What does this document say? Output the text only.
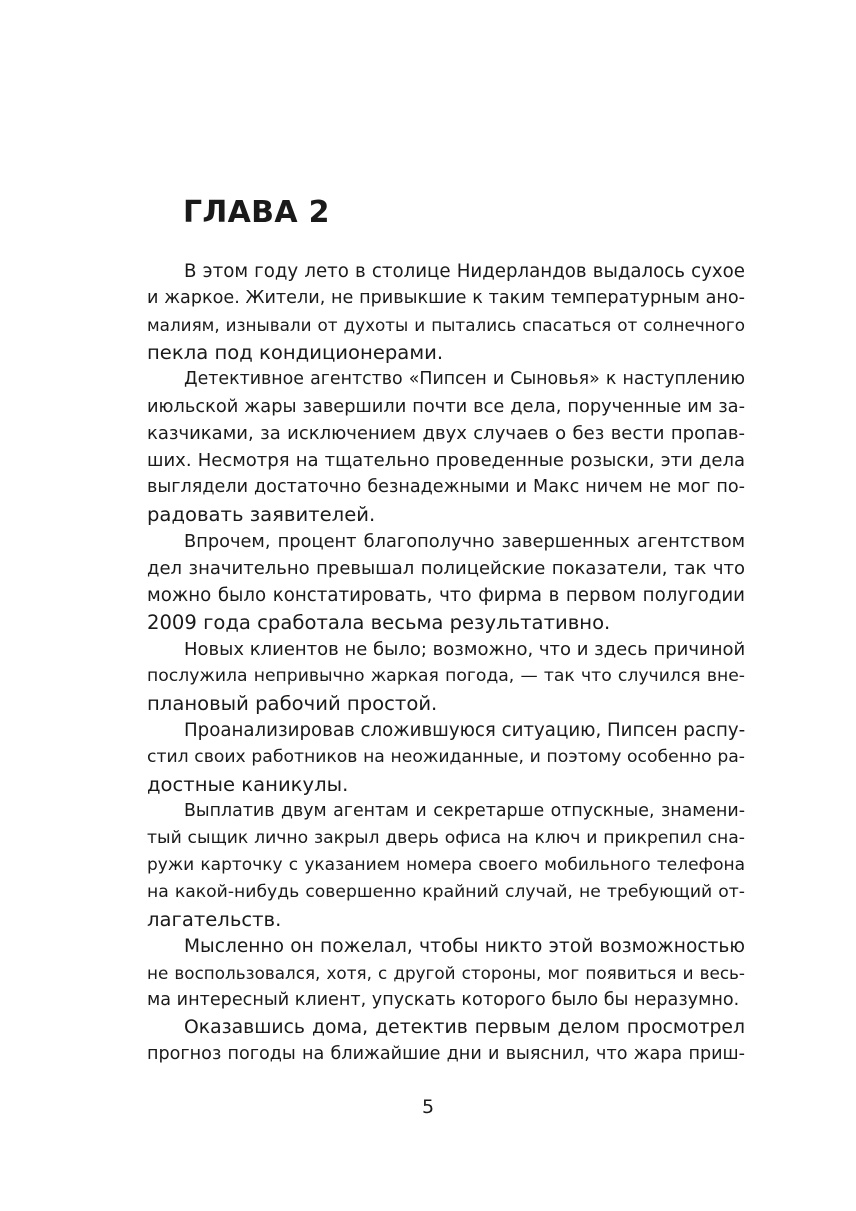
ГЛАВА 2
В этом году лето в столице Нидерландов выдалось сухое
и жаркое. Жители, не привыкшие к таким температурным ано-
малиям, изнывали от духоты и пытались спасаться от солнечного
пекла под кондиционерами.
Детективное агентство «Пипсен и Сыновья» к наступлению
июльской жары завершили почти все дела, порученные им за-
казчиками, за исключением двух случаев о без вести пропав-
ших. Несмотря на тщательно проведенные розыски, эти дела
выглядели достаточно безнадежными и Макс ничем не мог по-
радовать заявителей.
Впрочем, процент благополучно завершенных агентством
дел значительно превышал полицейские показатели, так что
можно было констатировать, что фирма в первом полугодии
2009 года сработала весьма результативно.
Новых клиентов не было; возможно, что и здесь причиной
послужила непривычно жаркая погода, — так что случился вне-
плановый рабочий простой.
Проанализировав сложившуюся ситуацию, Пипсен распу-
стил своих работников на неожиданные, и поэтому особенно ра-
достные каникулы.
Выплатив двум агентам и секретарше отпускные, знамени-
тый сыщик лично закрыл дверь офиса на ключ и прикрепил сна-
ружи карточку с указанием номера своего мобильного телефона
на какой-нибудь совершенно крайний случай, не требующий от-
лагательств.
Мысленно он пожелал, чтобы никто этой возможностью
не воспользовался, хотя, с другой стороны, мог появиться и весь-
ма интересный клиент, упускать которого было бы неразумно.
Оказавшись дома, детектив первым делом просмотрел
прогноз погоды на ближайшие дни и выяснил, что жара приш-
5
